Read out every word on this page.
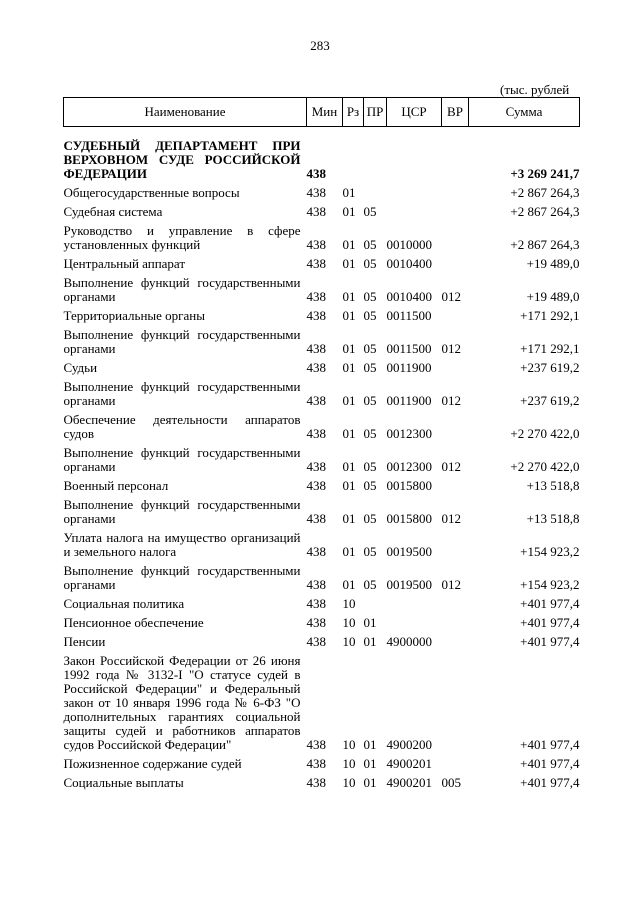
283
(тыс. рублей
Наименование	Мин	Рз	ПР	ЦСР	ВР	Сумма

СУДЕБНЫЙ ДЕПАРТАМЕНТ ПРИ ВЕРХОВНОМ СУДЕ РОССИЙСКОЙ ФЕДЕРАЦИИ	438					+3 269 241,7

Общегосударственные вопросы	438	01				+2 867 264,3

Судебная система	438	01	05			+2 867 264,3

Руководство и управление в сфере установленных функций	438	01	05	0010000		+2 867 264,3

Центральный аппарат	438	01	05	0010400		+19 489,0

Выполнение функций государственными органами	438	01	05	0010400	012	+19 489,0

Территориальные органы	438	01	05	0011500		+171 292,1

Выполнение функций государственными органами	438	01	05	0011500	012	+171 292,1

Судьи	438	01	05	0011900		+237 619,2

Выполнение функций государственными органами	438	01	05	0011900	012	+237 619,2

Обеспечение деятельности аппаратов судов	438	01	05	0012300		+2 270 422,0

Выполнение функций государственными органами	438	01	05	0012300	012	+2 270 422,0

Военный персонал	438	01	05	0015800		+13 518,8

Выполнение функций государственными органами	438	01	05	0015800	012	+13 518,8

Уплата налога на имущество организаций и земельного налога	438	01	05	0019500		+154 923,2

Выполнение функций государственными органами	438	01	05	0019500	012	+154 923,2

Социальная политика	438	10				+401 977,4

Пенсионное обеспечение	438	10	01			+401 977,4

Пенсии	438	10	01	4900000		+401 977,4

Закон Российской Федерации от 26 июня 1992 года № 3132-I "О статусе судей в Российской Федерации" и Федеральный закон от 10 января 1996 года № 6-ФЗ "О дополнительных гарантиях социальной защиты судей и работников аппаратов судов Российской Федерации"	438	10	01	4900200		+401 977,4

Пожизненное содержание судей	438	10	01	4900201		+401 977,4

Социальные выплаты	438	10	01	4900201	005	+401 977,4
